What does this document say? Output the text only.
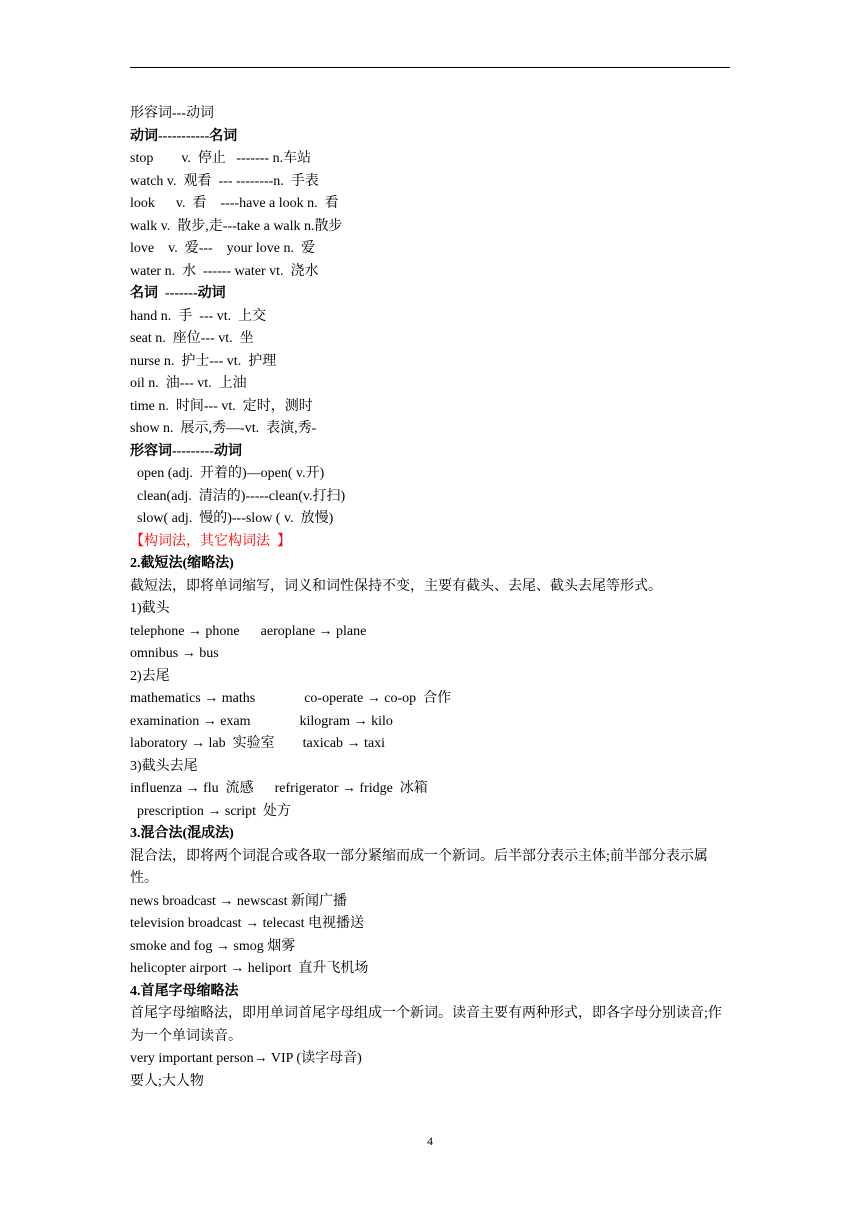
形容词---动词
动词-----------名词
stop        v.  停止   ------- n.车站
watch v.  观看  --- --------n.  手表
look      v.  看    ----have a look n.  看
walk v.  散步,走---take a walk n.散步
love    v.  爱---    your love n.  爱
water n.  水  ------ water vt.  浇水
名词  -------动词
hand n.  手  --- vt.  上交
seat n.  座位--- vt.  坐
nurse n.  护士--- vt.  护理
oil n.  油--- vt.  上油
time n.  时间--- vt.  定时，测时
show n.  展示,秀—-vt.  表演,秀-
形容词---------动词
open (adj.  开着的)—open( v.开)
clean(adj.  清洁的)-----clean(v.打扫)
slow( adj.  慢的)---slow ( v.  放慢)
【构词法，其它构词法  】
2.截短法(缩略法)
截短法，即将单词缩写，词义和词性保持不变，主要有截头、去尾、截头去尾等形式。
1)截头
telephone → phone      aeroplane → plane
omnibus → bus
2)去尾
mathematics → maths              co-operate → co-op  合作
examination → exam              kilogram → kilo
laboratory → lab  实验室        taxicab → taxi
3)截头去尾
influenza → flu  流感      refrigerator → fridge  冰箱
prescription → script  处方
3.混合法(混成法)
混合法，即将两个词混合或各取一部分紧缩而成一个新词。后半部分表示主体;前半部分表示属性。
news broadcast → newscast 新闻广播
television broadcast → telecast 电视播送
smoke and fog → smog 烟雾
helicopter airport → heliport  直升飞机场
4.首尾字母缩略法
首尾字母缩略法，即用单词首尾字母组成一个新词。读音主要有两种形式，即各字母分别读音;作为一个单词读音。
very important person→ VIP (读字母音)
要人;大人物
4
